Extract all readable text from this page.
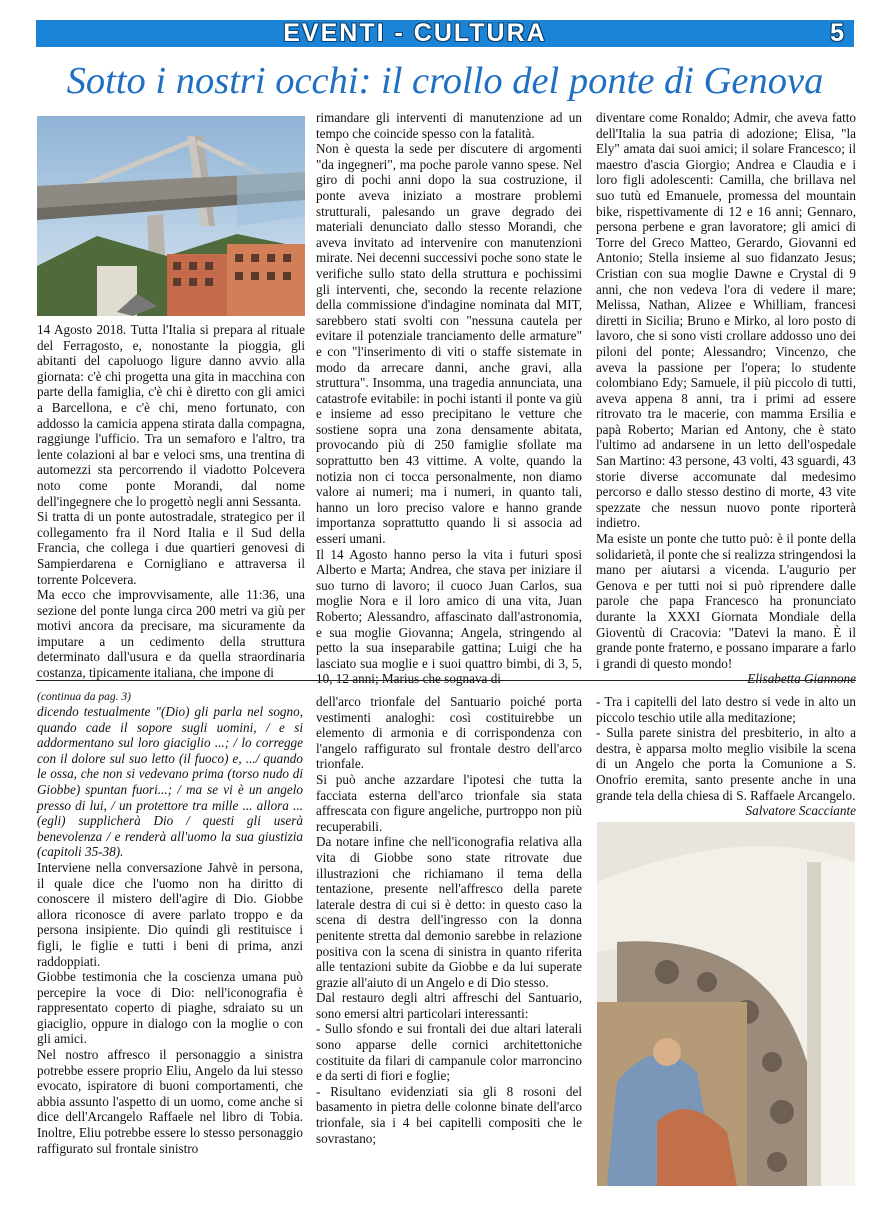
EVENTI - CULTURA	5
Sotto i nostri occhi: il crollo del ponte di Genova

14 Agosto 2018. Tutta l'Italia si prepara al rituale del Ferragosto, e, nonostante la pioggia, gli abitanti del capoluogo ligure danno avvio alla giornata: c'è chi progetta una gita in macchina con parte della famiglia, c'è chi è diretto con gli amici a Barcellona, e c'è chi, meno fortunato, con addosso la camicia appena stirata dalla compagna, raggiunge l'ufficio. Tra un semaforo e l'altro, tra lente colazioni al bar e veloci sms, una trentina di automezzi sta percorrendo il viadotto Polcevera noto come ponte Morandi, dal nome dell'ingegnere che lo progettò negli anni Sessanta.

Si tratta di un ponte autostradale, strategico per il collegamento fra il Nord Italia e il Sud della Francia, che collega i due quartieri genovesi di Sampierdarena e Cornigliano e attraversa il torrente Polcevera.

Ma ecco che improvvisamente, alle 11:36, una sezione del ponte lunga circa 200 metri va giù per motivi ancora da precisare, ma sicuramente da imputare a un cedimento della struttura determinato dall'usura e da quella straordinaria costanza, tipicamente italiana, che impone di

rimandare gli interventi di manutenzione ad un tempo che coincide spesso con la fatalità.

Non è questa la sede per discutere di argomenti "da ingegneri", ma poche parole vanno spese. Nel giro di pochi anni dopo la sua costruzione, il ponte aveva iniziato a mostrare problemi strutturali, palesando un grave degrado dei materiali denunciato dallo stesso Morandi, che aveva invitato ad intervenire con manutenzioni mirate. Nei decenni successivi poche sono state le verifiche sullo stato della struttura e pochissimi gli interventi, che, secondo la recente relazione della commissione d'indagine nominata dal MIT, sarebbero stati svolti con "nessuna cautela per evitare il potenziale tranciamento delle armature" e con "l'inserimento di viti o staffe sistemate in modo da arrecare danni, anche gravi, alla struttura". Insomma, una tragedia annunciata, una catastrofe evitabile: in pochi istanti il ponte va giù e insieme ad esso precipitano le vetture che sostiene sopra una zona densamente abitata, provocando più di 250 famiglie sfollate ma soprattutto ben 43 vittime. A volte, quando la notizia non ci tocca personalmente, non diamo valore ai numeri; ma i numeri, in quanto tali, hanno un loro preciso valore e hanno grande importanza soprattutto quando li si associa ad esseri umani.

Il 14 Agosto hanno perso la vita i futuri sposi Alberto e Marta; Andrea, che stava per iniziare il suo turno di lavoro; il cuoco Juan Carlos, sua moglie Nora e il loro amico di una vita, Juan Roberto; Alessandro, affascinato dall'astronomia, e sua moglie Giovanna; Angela, stringendo al petto la sua inseparabile gattina; Luigi che ha lasciato sua moglie e i suoi quattro bimbi, di 3, 5, 10, 12 anni; Marius che sognava di

diventare come Ronaldo; Admir, che aveva fatto dell'Italia la sua patria di adozione; Elisa, "la Ely" amata dai suoi amici; il solare Francesco; il maestro d'ascia Giorgio; Andrea e Claudia e i loro figli adolescenti: Camilla, che brillava nel suo tutù ed Emanuele, promessa del mountain bike, rispettivamente di 12 e 16 anni; Gennaro, persona perbene e gran lavoratore; gli amici di Torre del Greco Matteo, Gerardo, Giovanni ed Antonio; Stella insieme al suo fidanzato Jesus; Cristian con sua moglie Dawne e Crystal di 9 anni, che non vedeva l'ora di vedere il mare; Melissa, Nathan, Alizee e Whilliam, francesi diretti in Sicilia; Bruno e Mirko, al loro posto di lavoro, che si sono visti crollare addosso uno dei piloni del ponte; Alessandro; Vincenzo, che aveva la passione per l'opera; lo studente colombiano Edy; Samuele, il più piccolo di tutti, aveva appena 8 anni, tra i primi ad essere ritrovato tra le macerie, con mamma Ersilia e papà Roberto; Marian ed Antony, che è stato l'ultimo ad andarsene in un letto dell'ospedale San Martino: 43 persone, 43 volti, 43 sguardi, 43 storie diverse accomunate dal medesimo percorso e dallo stesso destino di morte, 43 vite spezzate che nessun nuovo ponte riporterà indietro.

Ma esiste un ponte che tutto può: è il ponte della solidarietà, il ponte che si realizza stringendosi la mano per aiutarsi a vicenda. L'augurio per Genova e per tutti noi si può riprendere dalle parole che papa Francesco ha pronunciato durante la XXXI Giornata Mondiale della Gioventù di Cracovia: "Datevi la mano. È il grande ponte fraterno, e possano imparare a farlo i grandi di questo mondo!

Elisabetta Giannone

(continua da pag. 3)

dicendo testualmente "(Dio) gli parla nel sogno, quando cade il sopore sugli uomini, / e si addormentano sul loro giaciglio ...; / lo corregge con il dolore sul suo letto (il fuoco) e, .../ quando le ossa, che non si vedevano prima (torso nudo di Giobbe) spuntan fuori...; / ma se vi è un angelo presso di lui, / un protettore tra mille ... allora ... (egli) supplicherà Dio / questi gli userà benevolenza / e renderà all'uomo la sua giustizia (capitoli 35-38).

Interviene nella conversazione Jahvè in persona, il quale dice che l'uomo non ha diritto di conoscere il mistero dell'agire di Dio. Giobbe allora riconosce di avere parlato troppo e da persona insipiente. Dio quindi gli restituisce i figli, le figlie e tutti i beni di prima, anzi raddoppiati.

Giobbe testimonia che la coscienza umana può percepire la voce di Dio: nell'iconografia è rappresentato coperto di piaghe, sdraiato su un giaciglio, oppure in dialogo con la moglie o con gli amici.

Nel nostro affresco il personaggio a sinistra potrebbe essere proprio Eliu, Angelo da lui stesso evocato, ispiratore di buoni comportamenti, che abbia assunto l'aspetto di un uomo, come anche si dice dell'Arcangelo Raffaele nel libro di Tobia. Inoltre, Eliu potrebbe essere lo stesso personaggio raffigurato sul frontale sinistro

dell'arco trionfale del Santuario poiché porta vestimenti analoghi: così costituirebbe un elemento di armonia e di corrispondenza con l'angelo raffigurato sul frontale destro dell'arco trionfale.

Si può anche azzardare l'ipotesi che tutta la facciata esterna dell'arco trionfale sia stata affrescata con figure angeliche, purtroppo non più recuperabili.

Da notare infine che nell'iconografia relativa alla vita di Giobbe sono state ritrovate due illustrazioni che richiamano il tema della tentazione, presente nell'affresco della parete laterale destra di cui si è detto: in questo caso la scena di destra dell'ingresso con la donna penitente stretta dal demonio sarebbe in relazione positiva con la scena di sinistra in quanto riferita alle tentazioni subite da Giobbe e da lui superate grazie all'aiuto di un Angelo e di Dio stesso.

Dal restauro degli altri affreschi del Santuario, sono emersi altri particolari interessanti:

- Sullo sfondo e sui frontali dei due altari laterali sono apparse delle cornici architettoniche costituite da filari di campanule color marroncino e da serti di fiori e foglie;

- Risultano evidenziati sia gli 8 rosoni del basamento in pietra delle colonne binate dell'arco trionfale, sia i 4 bei capitelli compositi che le sovrastano;

- Tra i capitelli del lato destro si vede in alto un piccolo teschio utile alla meditazione;

- Sulla parete sinistra del presbiterio, in alto a destra, è apparsa molto meglio visibile la scena di un Angelo che porta la Comunione a S. Onofrio eremita, santo presente anche in una grande tela della chiesa di S. Raffaele Arcangelo.

Salvatore Scacciante
